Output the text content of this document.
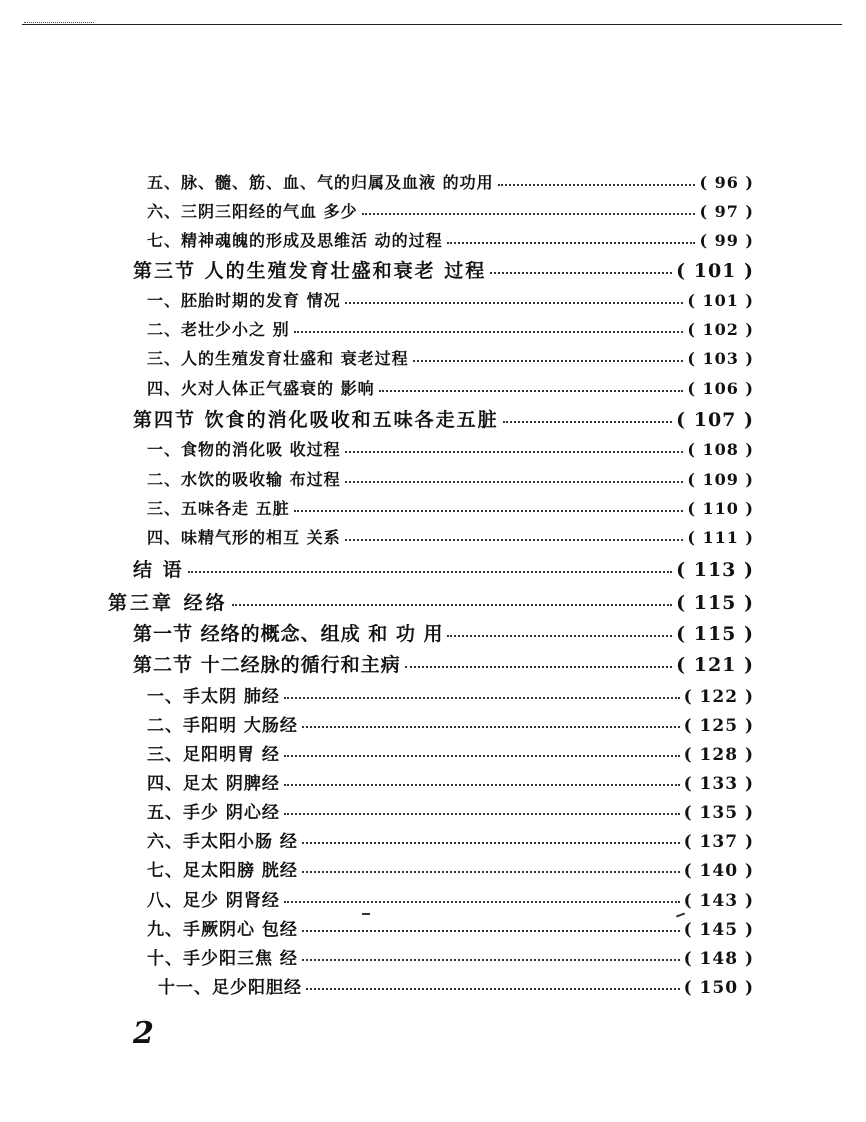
五、脉、髓、筋、血、气的归属及血液 的功用	( 96 )
六、三阴三阳经的气血 多少	( 97 )
七、精神魂魄的形成及思维活 动的过程	( 99 )
第三节 人的生殖发育壮盛和衰老 过程	( 101 )
一、胚胎时期的发育 情况	( 101 )
二、老壮少小之 别	( 102 )
三、人的生殖发育壮盛和 衰老过程	( 103 )
四、火对人体正气盛衰的 影响	( 106 )
第四节 饮食的消化吸收和五味各走五脏	( 107 )
一、食物的消化吸 收过程	( 108 )
二、水饮的吸收输 布过程	( 109 )
三、五味各走 五脏	( 110 )
四、味精气形的相互 关系	( 111 )
结 语	( 113 )
第三章 经络	( 115 )
第一节 经络的概念、组成 和 功 用	( 115 )
第二节 十二经脉的循行和主病	( 121 )
一、手太阴 肺经	( 122 )
二、手阳明 大肠经	( 125 )
三、足阳明胃 经	( 128 )
四、足太 阴脾经	( 133 )
五、手少 阴心经	( 135 )
六、手太阳小肠 经	( 137 )
七、足太阳膀 胱经	( 140 )
八、足少 阴肾经	( 143 )
九、手厥阴心 包经	( 145 )
十、手少阳三焦 经	( 148 )
十一、足少阳胆经	( 150 )
2
